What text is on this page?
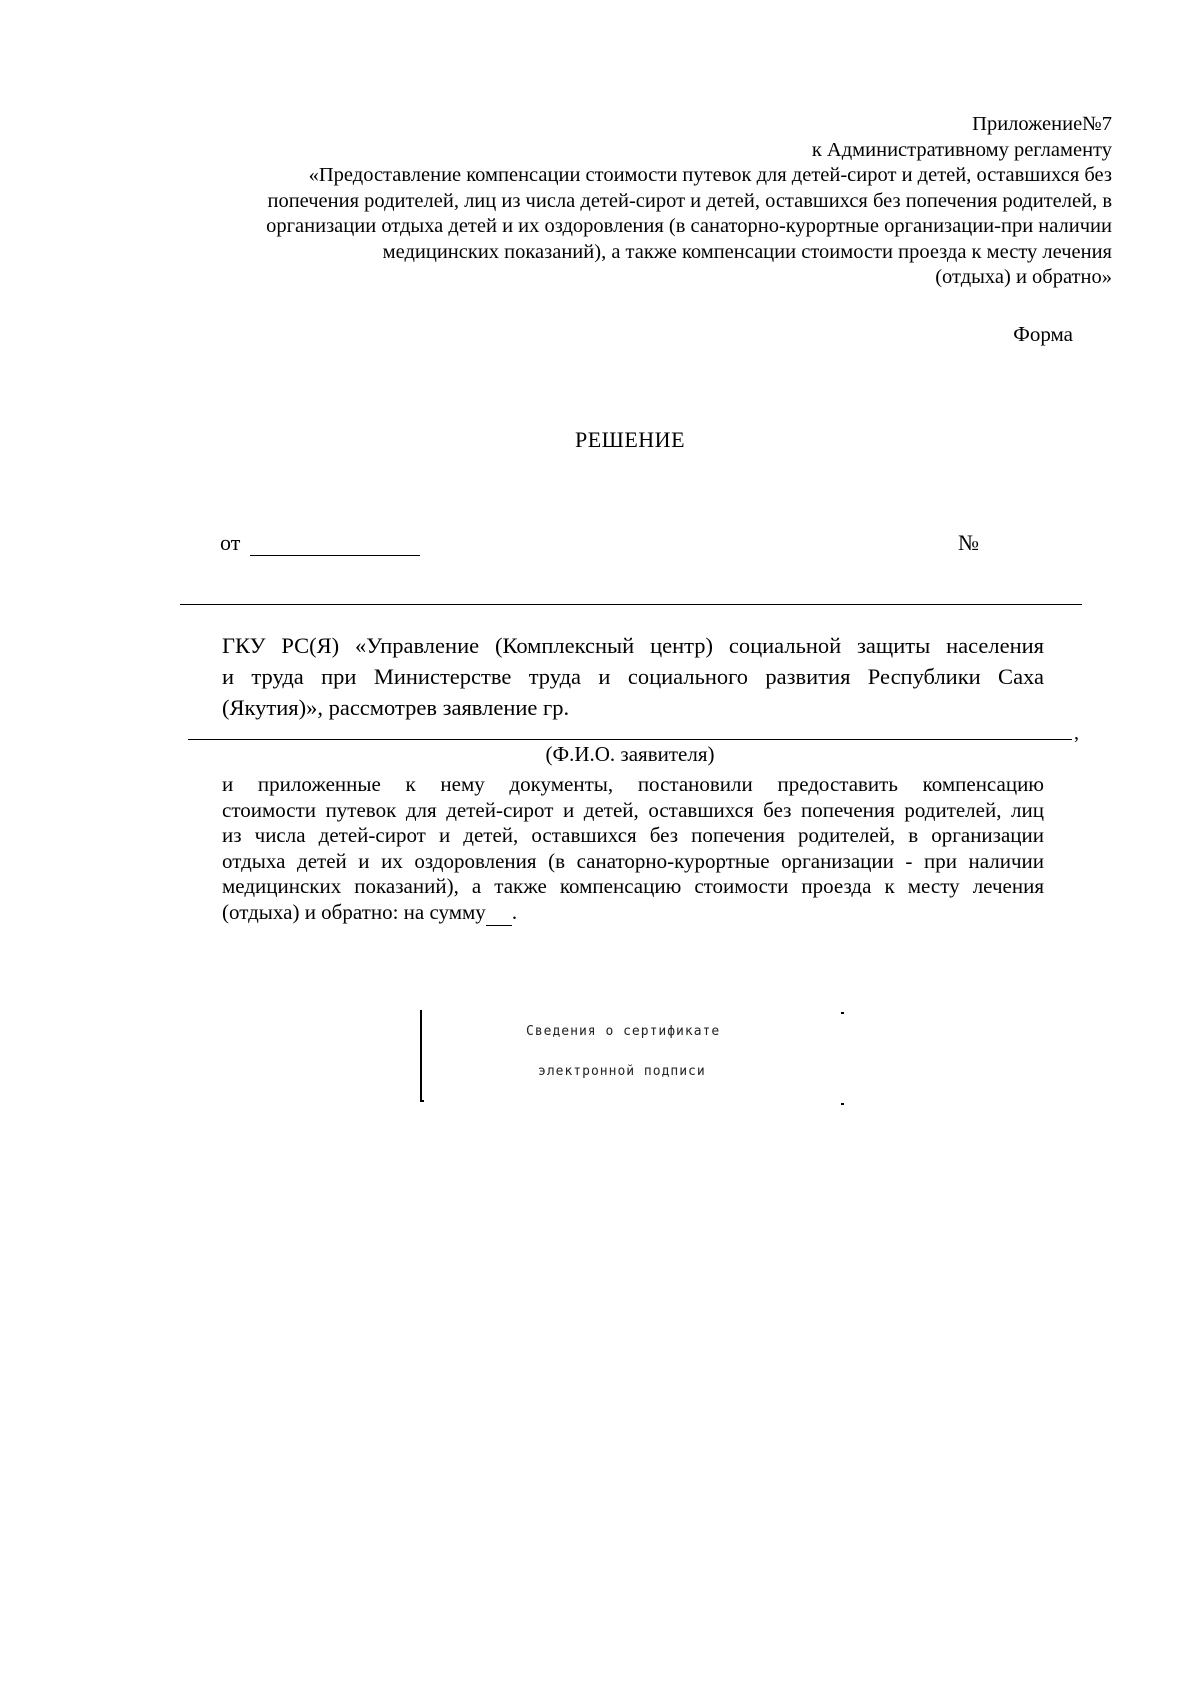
Приложение№7
к Административному регламенту
«Предоставление компенсации стоимости путевок для детей-сирот и детей, оставшихся без
попечения родителей, лиц из числа детей-сирот и детей, оставшихся без попечения родителей, в
организации отдыха детей и их оздоровления (в санаторно-курортные организации-при наличии
медицинских показаний), а также компенсации стоимости проезда к месту лечения
(отдыха) и обратно»
Форма
РЕШЕНИЕ
от	№
ГКУ РС(Я) «Управление (Комплексный центр) социальной защиты населения
и труда при Министерстве труда и социального развития Республики Саха
(Якутия)», рассмотрев заявление гр.
,
(Ф.И.О. заявителя)
и приложенные к нему документы, постановили предоставить компенсацию
стоимости путевок для детей-сирот и детей, оставшихся без попечения родителей, лиц
из числа детей-сирот и детей, оставшихся без попечения родителей, в организации
отдыха детей и их оздоровления (в санаторно-курортные организации - при наличии
медицинских показаний), а также компенсацию стоимости проезда к месту лечения
(отдыха) и обратно: на сумму .
Сведения о сертификате
электронной подписи
